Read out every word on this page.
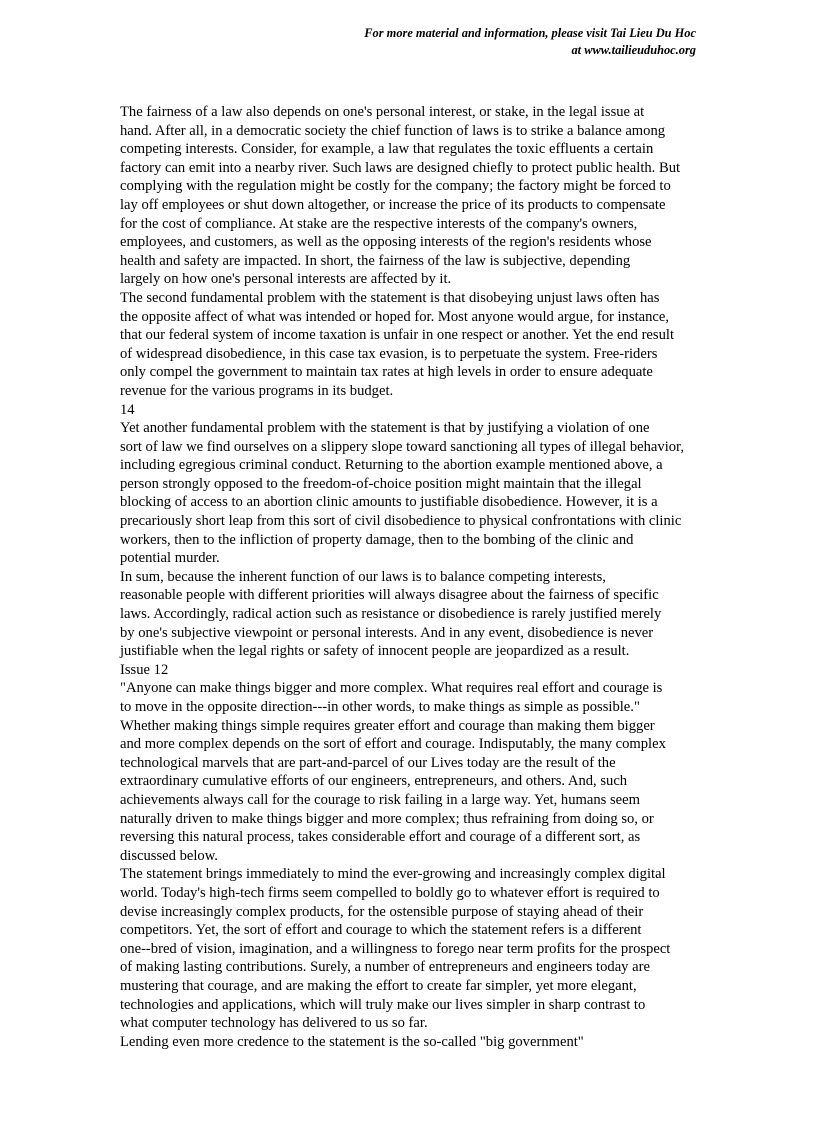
For more material and information, please visit Tai Lieu Du Hoc
at www.tailieuduhoc.org
The fairness of a law also depends on one's personal interest, or stake, in the legal issue at
hand. After all, in a democratic society the chief function of laws is to strike a balance among
competing interests. Consider, for example, a law that regulates the toxic effluents a certain
factory can emit into a nearby river. Such laws are designed chiefly to protect public health. But
complying with the regulation might be costly for the company; the factory might be forced to
lay off employees or shut down altogether, or increase the price of its products to compensate
for the cost of compliance. At stake are the respective interests of the company's owners,
employees, and customers, as well as the opposing interests of the region's residents whose
health and safety are impacted. In short, the fairness of the law is subjective, depending
largely on how one's personal interests are affected by it.
The second fundamental problem with the statement is that disobeying unjust laws often has
the opposite affect of what was intended or hoped for. Most anyone would argue, for instance,
that our federal system of income taxation is unfair in one respect or another. Yet the end result
of widespread disobedience, in this case tax evasion, is to perpetuate the system. Free-riders
only compel the government to maintain tax rates at high levels in order to ensure adequate
revenue for the various programs in its budget.
14
Yet another fundamental problem with the statement is that by justifying a violation of one
sort of law we find ourselves on a slippery slope toward sanctioning all types of illegal behavior,
including egregious criminal conduct. Returning to the abortion example mentioned above, a
person strongly opposed to the freedom-of-choice position might maintain that the illegal
blocking of access to an abortion clinic amounts to justifiable disobedience. However, it is a
precariously short leap from this sort of civil disobedience to physical confrontations with clinic
workers, then to the infliction of property damage, then to the bombing of the clinic and
potential murder.
In sum, because the inherent function of our laws is to balance competing interests,
reasonable people with different priorities will always disagree about the fairness of specific
laws. Accordingly, radical action such as resistance or disobedience is rarely justified merely
by one's subjective viewpoint or personal interests. And in any event, disobedience is never
justifiable when the legal rights or safety of innocent people are jeopardized as a result.
Issue 12
"Anyone can make things bigger and more complex. What requires real effort and courage is
to move in the opposite direction---in other words, to make things as simple as possible."
Whether making things simple requires greater effort and courage than making them bigger
and more complex depends on the sort of effort and courage. Indisputably, the many complex
technological marvels that are part-and-parcel of our Lives today are the result of the
extraordinary cumulative efforts of our engineers, entrepreneurs, and others. And, such
achievements always call for the courage to risk failing in a large way. Yet, humans seem
naturally driven to make things bigger and more complex; thus refraining from doing so, or
reversing this natural process, takes considerable effort and courage of a different sort, as
discussed below.
The statement brings immediately to mind the ever-growing and increasingly complex digital
world. Today's high-tech firms seem compelled to boldly go to whatever effort is required to
devise increasingly complex products, for the ostensible purpose of staying ahead of their
competitors. Yet, the sort of effort and courage to which the statement refers is a different
one--bred of vision, imagination, and a willingness to forego near term profits for the prospect
of making lasting contributions. Surely, a number of entrepreneurs and engineers today are
mustering that courage, and are making the effort to create far simpler, yet more elegant,
technologies and applications, which will truly make our lives simpler in sharp contrast to
what computer technology has delivered to us so far.
Lending even more credence to the statement is the so-called "big government"
